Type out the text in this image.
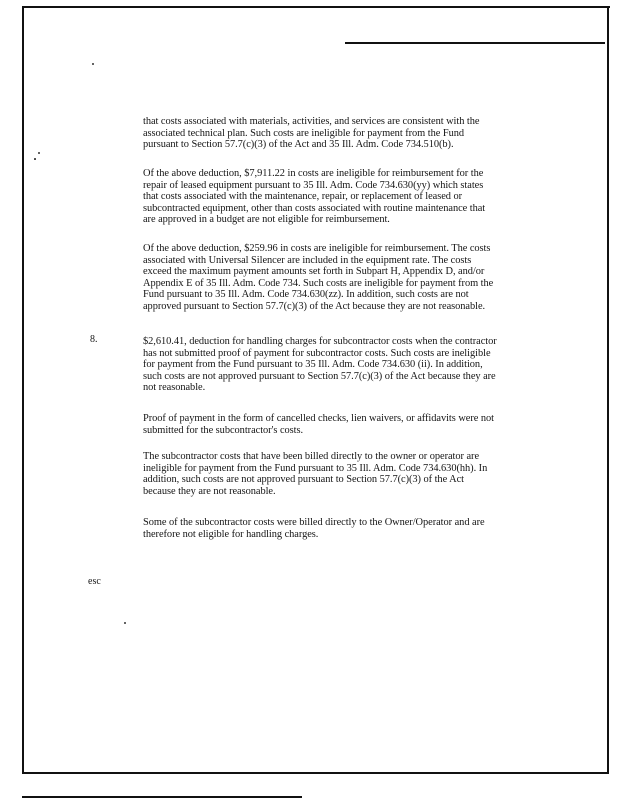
that costs associated with materials, activities, and services are consistent with the
associated technical plan. Such costs are ineligible for payment from the Fund
pursuant to Section 57.7(c)(3) of the Act and 35 Ill. Adm. Code 734.510(b).

Of the above deduction, $7,911.22 in costs are ineligible for reimbursement for the
repair of leased equipment pursuant to 35 Ill. Adm. Code 734.630(yy) which states
that costs associated with the maintenance, repair, or replacement of leased or
subcontracted equipment, other than costs associated with routine maintenance that
are approved in a budget are not eligible for reimbursement.

Of the above deduction, $259.96 in costs are ineligible for reimbursement. The costs
associated with Universal Silencer are included in the equipment rate. The costs
exceed the maximum payment amounts set forth in Subpart H, Appendix D, and/or
Appendix E of 35 Ill. Adm. Code 734. Such costs are ineligible for payment from the
Fund pursuant to 35 Ill. Adm. Code 734.630(zz). In addition, such costs are not
approved pursuant to Section 57.7(c)(3) of the Act because they are not reasonable.

8.	$2,610.41, deduction for handling charges for subcontractor costs when the contractor
has not submitted proof of payment for subcontractor costs. Such costs are ineligible
for payment from the Fund pursuant to 35 Ill. Adm. Code 734.630 (ii). In addition,
such costs are not approved pursuant to Section 57.7(c)(3) of the Act because they are
not reasonable.

Proof of payment in the form of cancelled checks, lien waivers, or affidavits were not
submitted for the subcontractor's costs.

The subcontractor costs that have been billed directly to the owner or operator are
ineligible for payment from the Fund pursuant to 35 Ill. Adm. Code 734.630(hh). In
addition, such costs are not approved pursuant to Section 57.7(c)(3) of the Act
because they are not reasonable.

Some of the subcontractor costs were billed directly to the Owner/Operator and are
therefore not eligible for handling charges.

esc
